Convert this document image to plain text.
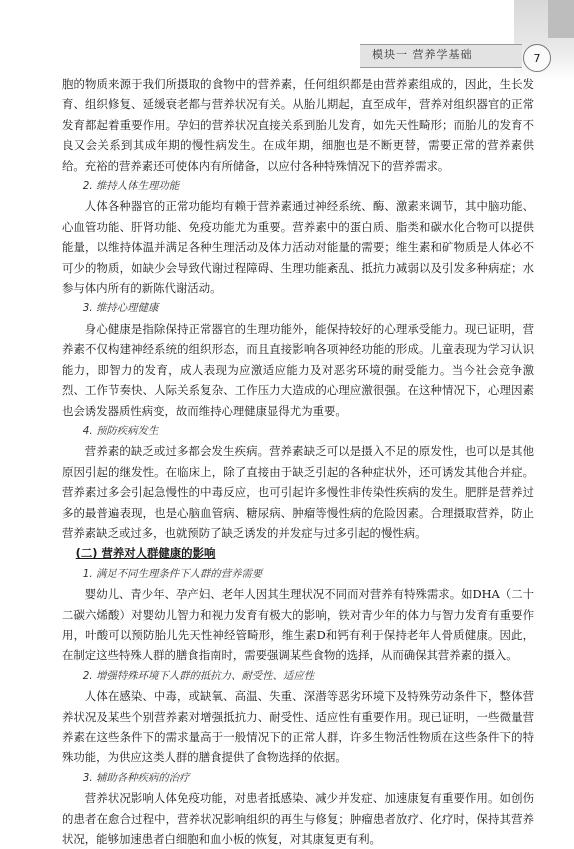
模块一 营养学基础	7

胞的物质来源于我们所摄取的食物中的营养素，任何组织都是由营养素组成的，因此，生长发育、组织修复、延缓衰老都与营养状况有关。从胎儿期起，直至成年，营养对组织器官的正常发育都起着重要作用。孕妇的营养状况直接关系到胎儿发育，如先天性畸形；而胎儿的发育不良又会关系到其成年期的慢性病发生。在成年期，细胞也是不断更替，需要正常的营养素供给。充裕的营养素还可使体内有所储备，以应付各种特殊情况下的营养需求。

2. 维持人体生理功能

人体各种器官的正常功能均有赖于营养素通过神经系统、酶、激素来调节，其中脑功能、心血管功能、肝肾功能、免疫功能尤为重要。营养素中的蛋白质、脂类和碳水化合物可以提供能量，以维持体温并满足各种生理活动及体力活动对能量的需要；维生素和矿物质是人体必不可少的物质，如缺少会导致代谢过程障碍、生理功能紊乱、抵抗力减弱以及引发多种病症；水参与体内所有的新陈代谢活动。

3. 维持心理健康

身心健康是指除保持正常器官的生理功能外，能保持较好的心理承受能力。现已证明，营养素不仅构建神经系统的组织形态，而且直接影响各项神经功能的形成。儿童表现为学习认识能力，即智力的发育，成人表现为应激适应能力及对恶劣环境的耐受能力。当今社会竞争激烈、工作节奏快、人际关系复杂、工作压力大造成的心理应激很强。在这种情况下，心理因素也会诱发器质性病变，故而维持心理健康显得尤为重要。

4. 预防疾病发生

营养素的缺乏或过多都会发生疾病。营养素缺乏可以是摄入不足的原发性，也可以是其他原因引起的继发性。在临床上，除了直接由于缺乏引起的各种症状外，还可诱发其他合并症。营养素过多会引起急慢性的中毒反应，也可引起许多慢性非传染性疾病的发生。肥胖是营养过多的最普遍表现，也是心脑血管病、糖尿病、肿瘤等慢性病的危险因素。合理摄取营养，防止营养素缺乏或过多，也就预防了缺乏诱发的并发症与过多引起的慢性病。

(二) 营养对人群健康的影响

1. 满足不同生理条件下人群的营养需要

婴幼儿、青少年、孕产妇、老年人因其生理状况不同而对营养有特殊需求。如DHA（二十二碳六烯酸）对婴幼儿智力和视力发育有极大的影响，铁对青少年的体力与智力发育有重要作用，叶酸可以预防胎儿先天性神经管畸形，维生素D和钙有利于保持老年人骨质健康。因此，在制定这些特殊人群的膳食指南时，需要强调某些食物的选择，从而确保其营养素的摄入。

2. 增强特殊环境下人群的抵抗力、耐受性、适应性

人体在感染、中毒，或缺氧、高温、失重、深潜等恶劣环境下及特殊劳动条件下，整体营养状况及某些个别营养素对增强抵抗力、耐受性、适应性有重要作用。现已证明，一些微量营养素在这些条件下的需求量高于一般情况下的正常人群，许多生物活性物质在这些条件下的特殊功能，为供应这类人群的膳食提供了食物选择的依据。

3. 辅助各种疾病的治疗

营养状况影响人体免疫功能，对患者抵感染、减少并发症、加速康复有重要作用。如创伤的患者在愈合过程中，营养状况影响组织的再生与修复；肿瘤患者放疗、化疗时，保持其营养状况，能够加速患者白细胞和血小板的恢复，对其康复更有利。
